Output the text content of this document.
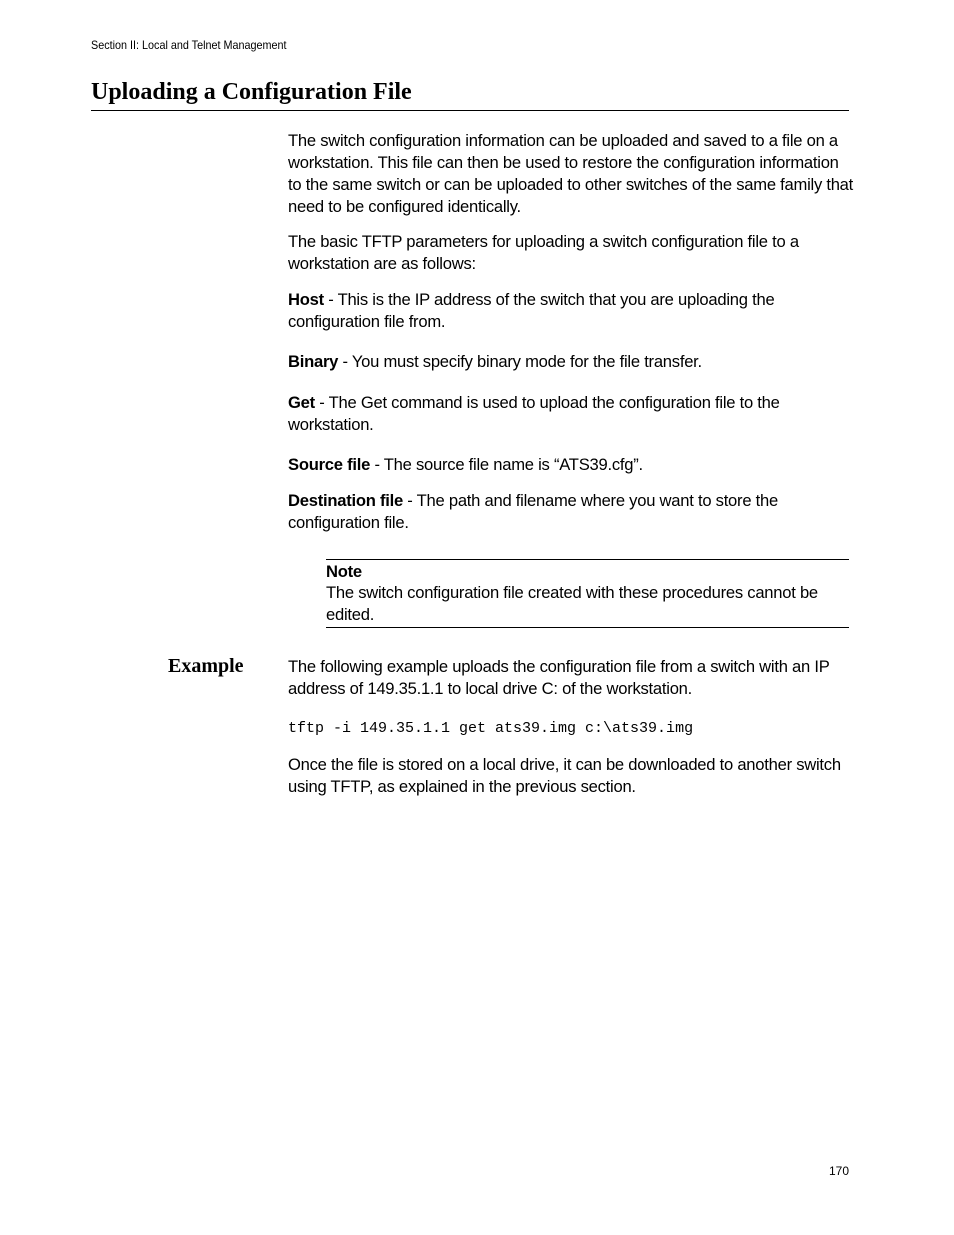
Section II: Local and Telnet Management
Uploading a Configuration File

The switch configuration information can be uploaded and saved to a file on a workstation. This file can then be used to restore the configuration information to the same switch or can be uploaded to other switches of the same family that need to be configured identically.

The basic TFTP parameters for uploading a switch configuration file to a workstation are as follows:

Host - This is the IP address of the switch that you are uploading the configuration file from.

Binary - You must specify binary mode for the file transfer.

Get - The Get command is used to upload the configuration file to the workstation.

Source file - The source file name is “ATS39.cfg”.

Destination file - The path and filename where you want to store the configuration file.

Note
The switch configuration file created with these procedures cannot be edited.
Example	The following example uploads the configuration file from a switch with an IP address of 149.35.1.1 to local drive C: of the workstation.

tftp -i 149.35.1.1 get ats39.img c:\ats39.img

Once the file is stored on a local drive, it can be downloaded to another switch using TFTP, as explained in the previous section.

170
